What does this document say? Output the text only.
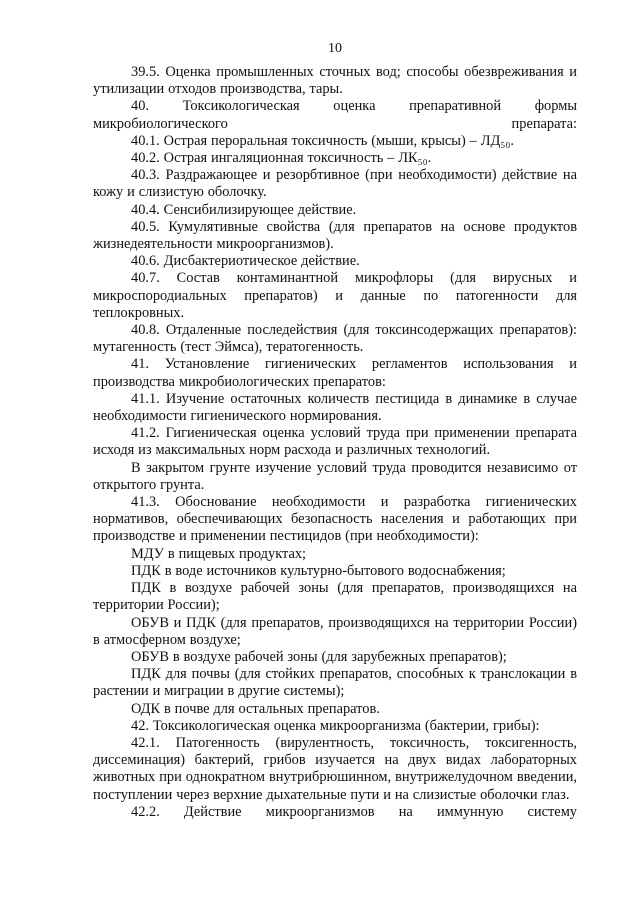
10

39.5. Оценка промышленных сточных вод; способы обезвреживания и утилизации отходов производства, тары.

40. Токсикологическая оценка препаративной формы микробиологического препарата:

40.1. Острая пероральная токсичность (мыши, крысы) – ЛД₅₀.

40.2. Острая ингаляционная токсичность – ЛК₅₀.

40.3. Раздражающее и резорбтивное (при необходимости) действие на кожу и слизистую оболочку.

40.4. Сенсибилизирующее действие.

40.5. Кумулятивные свойства (для препаратов на основе продуктов жизнедеятельности микроорганизмов).

40.6. Дисбактериотическое действие.

40.7. Состав контаминантной микрофлоры (для вирусных и микроспородиальных препаратов) и данные по патогенности для теплокровных.

40.8. Отдаленные последействия (для токсинсодержащих препаратов): мутагенность (тест Эймса), тератогенность.

41. Установление гигиенических регламентов использования и производства микробиологических препаратов:

41.1. Изучение остаточных количеств пестицида в динамике в случае необходимости гигиенического нормирования.

41.2. Гигиеническая оценка условий труда при применении препарата исходя из максимальных норм расхода и различных технологий.

В закрытом грунте изучение условий труда проводится независимо от открытого грунта.

41.3. Обоснование необходимости и разработка гигиенических нормативов, обеспечивающих безопасность населения и работающих при производстве и применении пестицидов (при необходимости):

МДУ в пищевых продуктах;

ПДК в воде источников культурно-бытового водоснабжения;

ПДК в воздухе рабочей зоны (для препаратов, производящихся на территории России);

ОБУВ и ПДК (для препаратов, производящихся на территории России) в атмосферном воздухе;

ОБУВ в воздухе рабочей зоны (для зарубежных препаратов);

ПДК для почвы (для стойких препаратов, способных к транслокации в растении и миграции в другие системы);

ОДК в почве для остальных препаратов.

42. Токсикологическая оценка микроорганизма (бактерии, грибы):

42.1. Патогенность (вирулентность, токсичность, токсигенность, диссеминация) бактерий, грибов изучается на двух видах лабораторных животных при однократном внутрибрюшинном, внутрижелудочном введении, поступлении через верхние дыхательные пути и на слизистые оболочки глаз.

42.2. Действие микроорганизмов на иммунную систему
